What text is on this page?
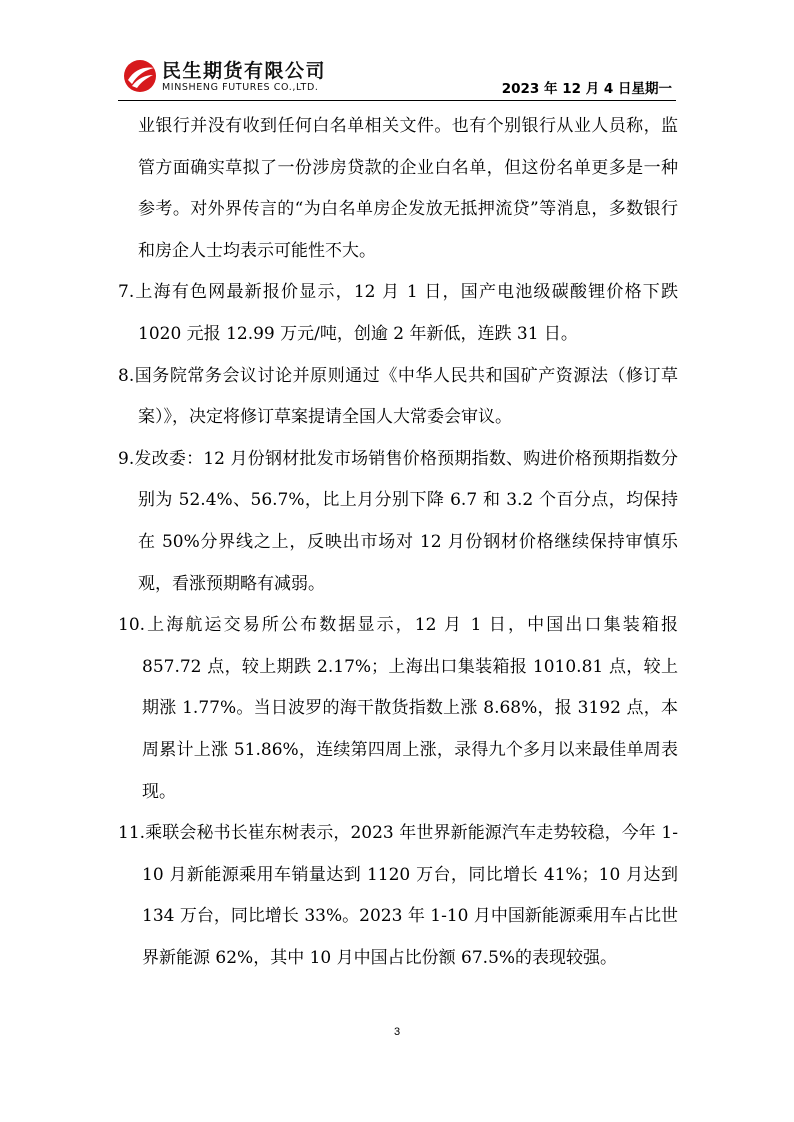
民生期货有限公司
MINSHENG FUTURES CO.,LTD.	2023 年 12 月 4 日星期一

业银行并没有收到任何白名单相关文件。也有个别银行从业人员称，监管方面确实草拟了一份涉房贷款的企业白名单，但这份名单更多是一种参考。对外界传言的“为白名单房企发放无抵押流贷”等消息，多数银行和房企人士均表示可能性不大。

7.上海有色网最新报价显示，12 月 1 日，国产电池级碳酸锂价格下跌 1020 元报 12.99 万元/吨，创逾 2 年新低，连跌 31 日。

8.国务院常务会议讨论并原则通过《中华人民共和国矿产资源法（修订草案）》，决定将修订草案提请全国人大常委会审议。

9.发改委：12 月份钢材批发市场销售价格预期指数、购进价格预期指数分别为 52.4%、56.7%，比上月分别下降 6.7 和 3.2 个百分点，均保持在 50%分界线之上，反映出市场对 12 月份钢材价格继续保持审慎乐观，看涨预期略有减弱。

10.上海航运交易所公布数据显示，12 月 1 日，中国出口集装箱报 857.72 点，较上期跌 2.17%；上海出口集装箱报 1010.81 点，较上期涨 1.77%。当日波罗的海干散货指数上涨 8.68%，报 3192 点，本周累计上涨 51.86%，连续第四周上涨，录得九个多月以来最佳单周表现。

11.乘联会秘书长崔东树表示，2023 年世界新能源汽车走势较稳，今年 1-10 月新能源乘用车销量达到 1120 万台，同比增长 41%；10 月达到 134 万台，同比增长 33%。2023 年 1-10 月中国新能源乘用车占比世界新能源 62%，其中 10 月中国占比份额 67.5%的表现较强。

3
